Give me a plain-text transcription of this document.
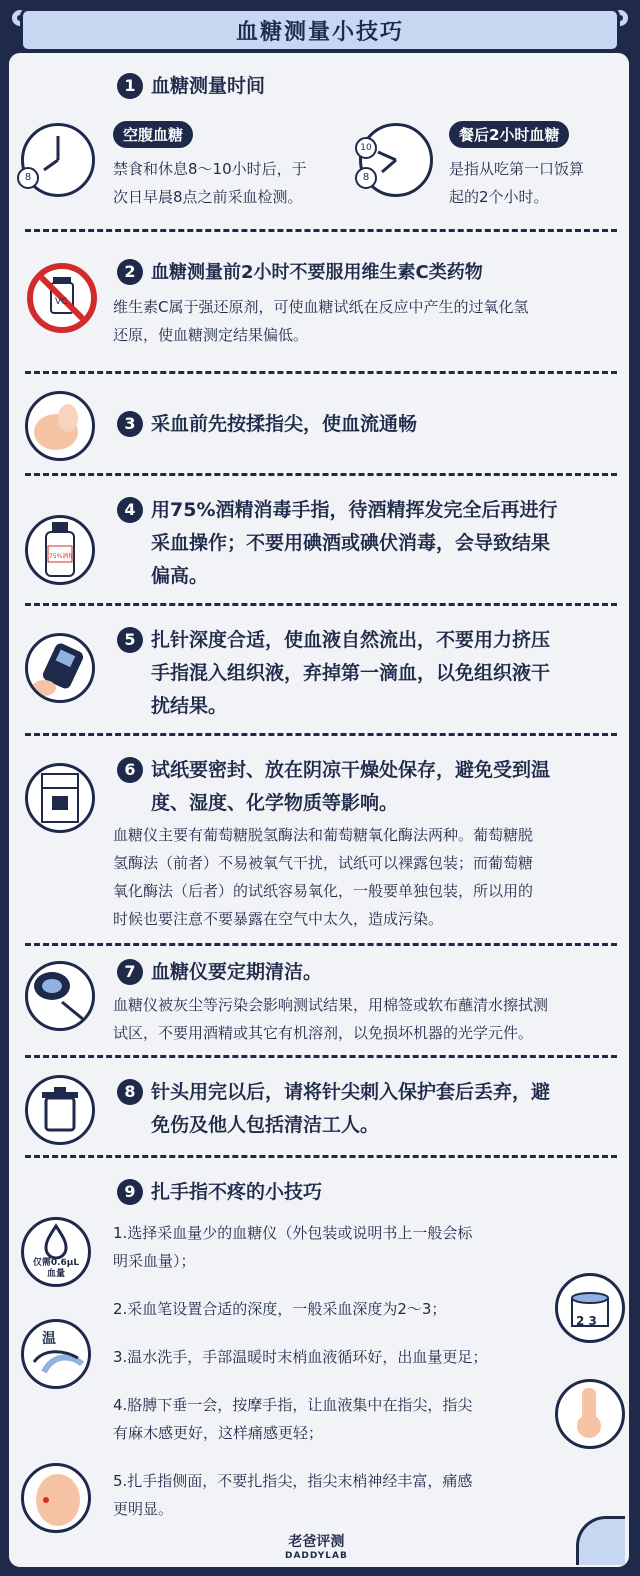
血糖测量小技巧
1 血糖测量时间
8
空腹血糖
禁食和休息8～10小时后，于
次日早晨8点之前采血检测。
10
8
餐后2小时血糖
是指从吃第一口饭算
起的2个小时。
2 血糖测量前2小时不要服用维生素C类药物
VC	维生素C属于强还原剂，可使血糖试纸在反应中产生的过氧化氢
还原，使血糖测定结果偏低。
3 采血前先按揉指尖，使血流通畅
75%酒精
4 用75%酒精消毒手指，待酒精挥发完全后再进行
采血操作；不要用碘酒或碘伏消毒，会导致结果
偏高。
5 扎针深度合适，使血液自然流出，不要用力挤压
手指混入组织液，弃掉第一滴血，以免组织液干
扰结果。
6 试纸要密封、放在阴凉干燥处保存，避免受到温
度、湿度、化学物质等影响。
血糖仪主要有葡萄糖脱氢酶法和葡萄糖氧化酶法两种。葡萄糖脱
氢酶法（前者）不易被氧气干扰，试纸可以裸露包装；而葡萄糖
氧化酶法（后者）的试纸容易氧化，一般要单独包装，所以用的
时候也要注意不要暴露在空气中太久，造成污染。
7 血糖仪要定期清洁。
血糖仪被灰尘等污染会影响测试结果，用棉签或软布蘸清水擦拭测
试区，不要用酒精或其它有机溶剂，以免损坏机器的光学元件。
8 针头用完以后，请将针尖刺入保护套后丢弃，避
免伤及他人包括清洁工人。
9 扎手指不疼的小技巧
仅需0.6μL
血量
温
2 3
1.选择采血量少的血糖仪（外包装或说明书上一般会标
明采血量）；
2.采血笔设置合适的深度，一般采血深度为2～3；
3.温水洗手，手部温暖时末梢血液循环好，出血量更足；
4.胳膊下垂一会，按摩手指，让血液集中在指尖，指尖
有麻木感更好，这样痛感更轻；
5.扎手指侧面，不要扎指尖，指尖末梢神经丰富，痛感
更明显。
老爸评测
DADDYLAB
